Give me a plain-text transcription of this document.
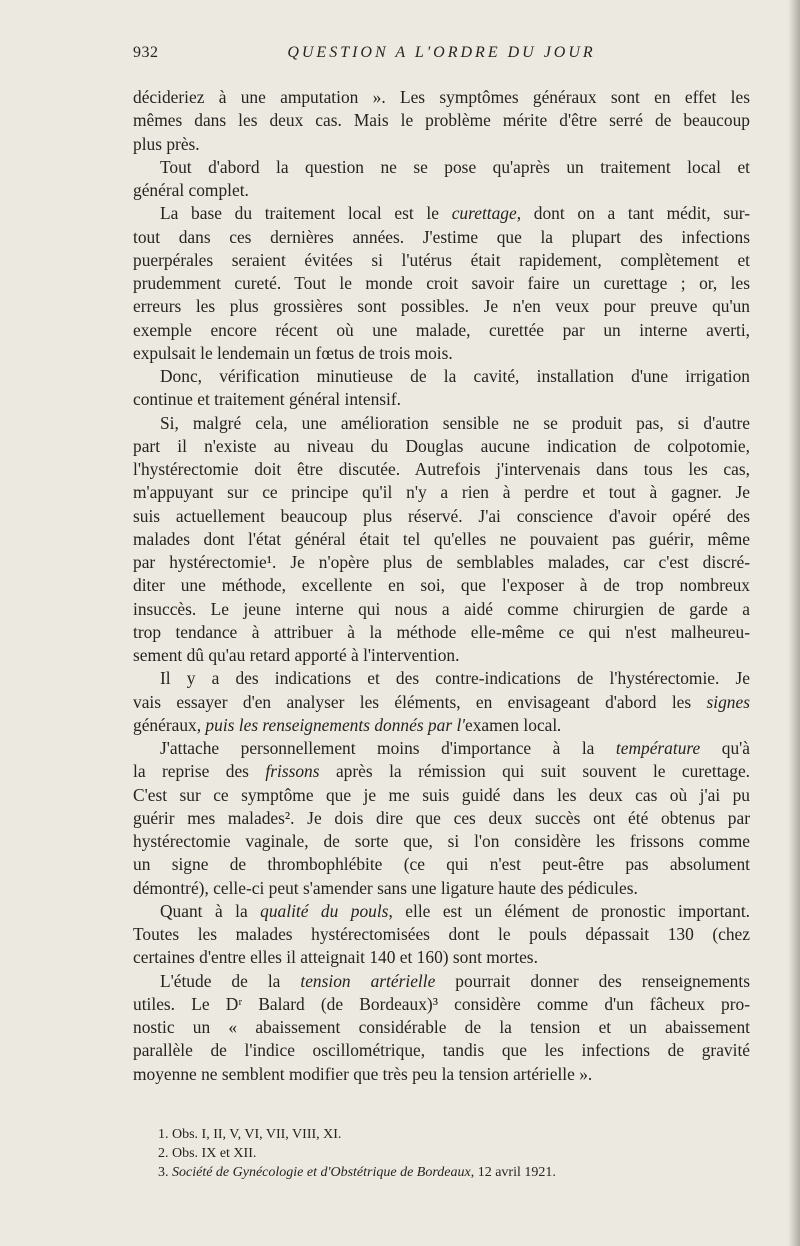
932	QUESTION A L'ORDRE DU JOUR
décideriez à une amputation ». Les symptômes généraux sont en effet les
mêmes dans les deux cas. Mais le problème mérite d'être serré de beaucoup
plus près.
Tout d'abord la question ne se pose qu'après un traitement local et
général complet.
La base du traitement local est le curettage, dont on a tant médit, sur-
tout dans ces dernières années. J'estime que la plupart des infections
puerpérales seraient évitées si l'utérus était rapidement, complètement et
prudemment cureté. Tout le monde croit savoir faire un curettage ; or, les
erreurs les plus grossières sont possibles. Je n'en veux pour preuve qu'un
exemple encore récent où une malade, curettée par un interne averti,
expulsait le lendemain un fœtus de trois mois.
Donc, vérification minutieuse de la cavité, installation d'une irrigation
continue et traitement général intensif.
Si, malgré cela, une amélioration sensible ne se produit pas, si d'autre
part il n'existe au niveau du Douglas aucune indication de colpotomie,
l'hystérectomie doit être discutée. Autrefois j'intervenais dans tous les cas,
m'appuyant sur ce principe qu'il n'y a rien à perdre et tout à gagner. Je
suis actuellement beaucoup plus réservé. J'ai conscience d'avoir opéré des
malades dont l'état général était tel qu'elles ne pouvaient pas guérir, même
par hystérectomie¹. Je n'opère plus de semblables malades, car c'est discré-
diter une méthode, excellente en soi, que l'exposer à de trop nombreux
insuccès. Le jeune interne qui nous a aidé comme chirurgien de garde a
trop tendance à attribuer à la méthode elle-même ce qui n'est malheureu-
sement dû qu'au retard apporté à l'intervention.
Il y a des indications et des contre-indications de l'hystérectomie. Je
vais essayer d'en analyser les éléments, en envisageant d'abord les signes
généraux, puis les renseignements donnés par l'examen local.
J'attache personnellement moins d'importance à la température qu'à
la reprise des frissons après la rémission qui suit souvent le curettage.
C'est sur ce symptôme que je me suis guidé dans les deux cas où j'ai pu
guérir mes malades². Je dois dire que ces deux succès ont été obtenus par
hystérectomie vaginale, de sorte que, si l'on considère les frissons comme
un signe de thrombophlébite (ce qui n'est peut-être pas absolument
démontré), celle-ci peut s'amender sans une ligature haute des pédicules.
Quant à la qualité du pouls, elle est un élément de pronostic important.
Toutes les malades hystérectomisées dont le pouls dépassait 130 (chez
certaines d'entre elles il atteignait 140 et 160) sont mortes.
L'étude de la tension artérielle pourrait donner des renseignements
utiles. Le Dʳ Balard (de Bordeaux)³ considère comme d'un fâcheux pro-
nostic un « abaissement considérable de la tension et un abaissement
parallèle de l'indice oscillométrique, tandis que les infections de gravité
moyenne ne semblent modifier que très peu la tension artérielle ».
1. Obs. I, II, V, VI, VII, VIII, XI.
2. Obs. IX et XII.
3. Société de Gynécologie et d'Obstétrique de Bordeaux, 12 avril 1921.
